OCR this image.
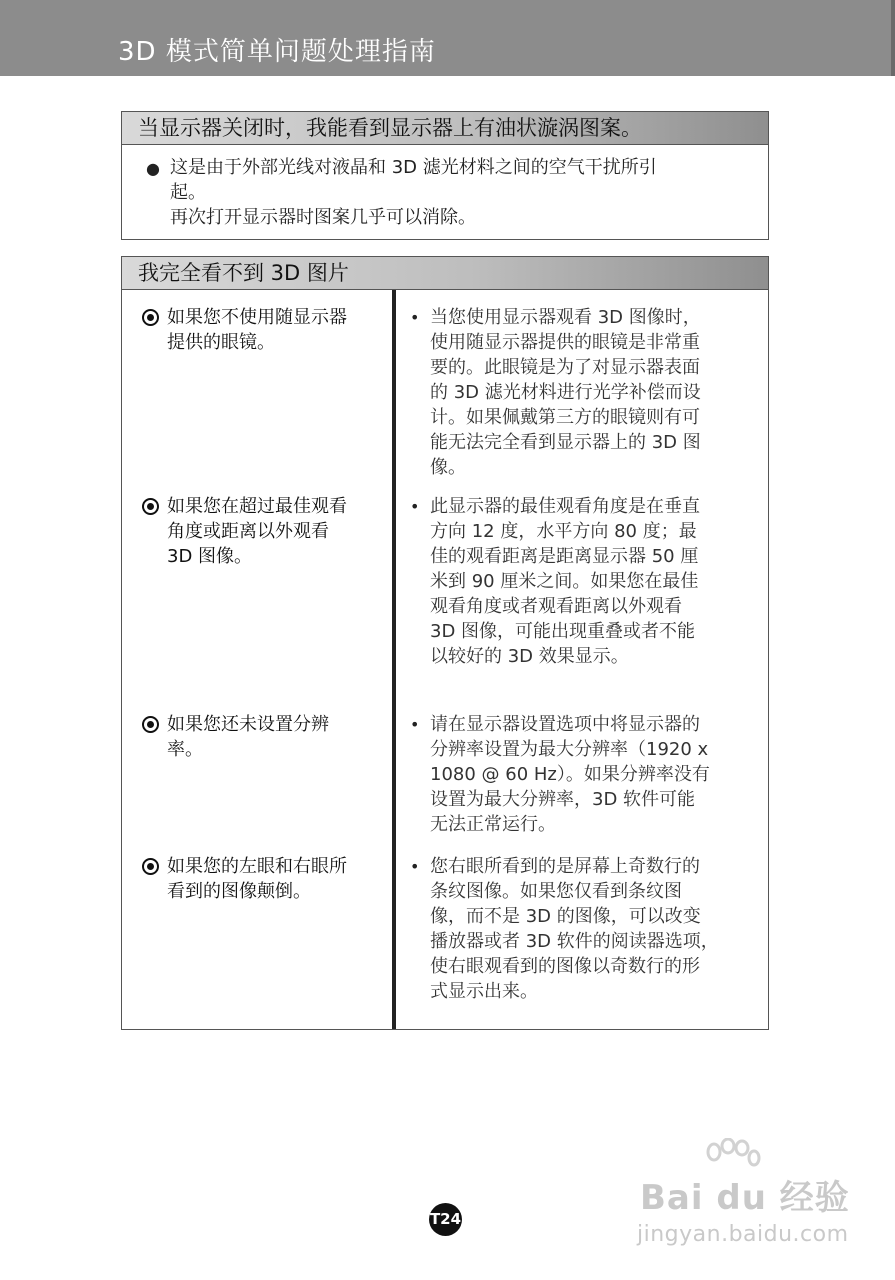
3D 模式简单问题处理指南
当显示器关闭时，我能看到显示器上有油状漩涡图案。
● 这是由于外部光线对液晶和 3D 滤光材料之间的空气干扰所引
起。
再次打开显示器时图案几乎可以消除。
我完全看不到 3D 图片
如果您不使用随显示器
提供的眼镜。
• 当您使用显示器观看 3D 图像时，
使用随显示器提供的眼镜是非常重
要的。此眼镜是为了对显示器表面
的 3D 滤光材料进行光学补偿而设
计。如果佩戴第三方的眼镜则有可
能无法完全看到显示器上的 3D 图
像。
如果您在超过最佳观看
角度或距离以外观看
3D 图像。
• 此显示器的最佳观看角度是在垂直
方向 12 度，水平方向 80 度；最
佳的观看距离是距离显示器 50 厘
米到 90 厘米之间。如果您在最佳
观看角度或者观看距离以外观看
3D 图像，可能出现重叠或者不能
以较好的 3D 效果显示。
如果您还未设置分辨
率。
• 请在显示器设置选项中将显示器的
分辨率设置为最大分辨率（1920 x
1080 @ 60 Hz）。如果分辨率没有
设置为最大分辨率，3D 软件可能
无法正常运行。
如果您的左眼和右眼所
看到的图像颠倒。
• 您右眼所看到的是屏幕上奇数行的
条纹图像。如果您仅看到条纹图
像，而不是 3D 的图像，可以改变
播放器或者 3D 软件的阅读器选项，
使右眼观看到的图像以奇数行的形
式显示出来。
T24
Bai du 经验
jingyan.baidu.com
